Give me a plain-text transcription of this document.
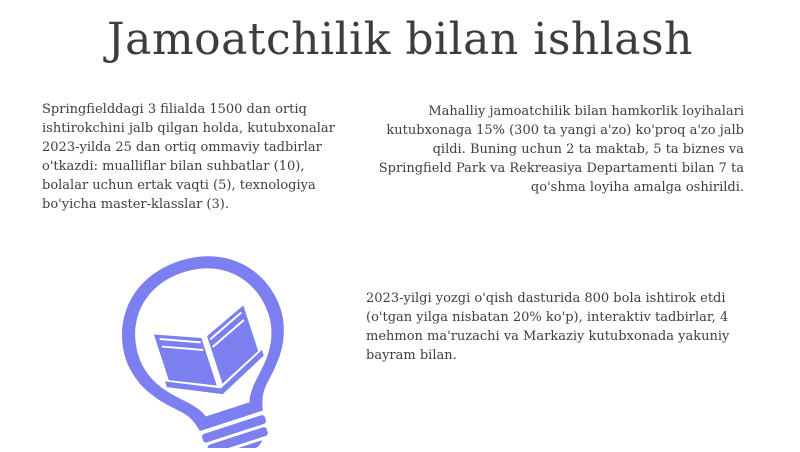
Jamoatchilik bilan ishlash

Springfielddagi 3 filialda 1500 dan ortiq ishtirokchini jalb qilgan holda, kutubxonalar 2023-yilda 25 dan ortiq ommaviy tadbirlar o'tkazdi: mualliflar bilan suhbatlar (10), bolalar uchun ertak vaqti (5), texnologiya bo'yicha master-klasslar (3).

Mahalliy jamoatchilik bilan hamkorlik loyihalari kutubxonaga 15% (300 ta yangi a'zo) ko'proq a'zo jalb qildi. Buning uchun 2 ta maktab, 5 ta biznes va Springfield Park va Rekreasiya Departamenti bilan 7 ta qo'shma loyiha amalga oshirildi.

2023-yilgi yozgi o'qish dasturida 800 bola ishtirok etdi (o'tgan yilga nisbatan 20% ko'p), interaktiv tadbirlar, 4 mehmon ma'ruzachi va Markaziy kutubxonada yakuniy bayram bilan.
